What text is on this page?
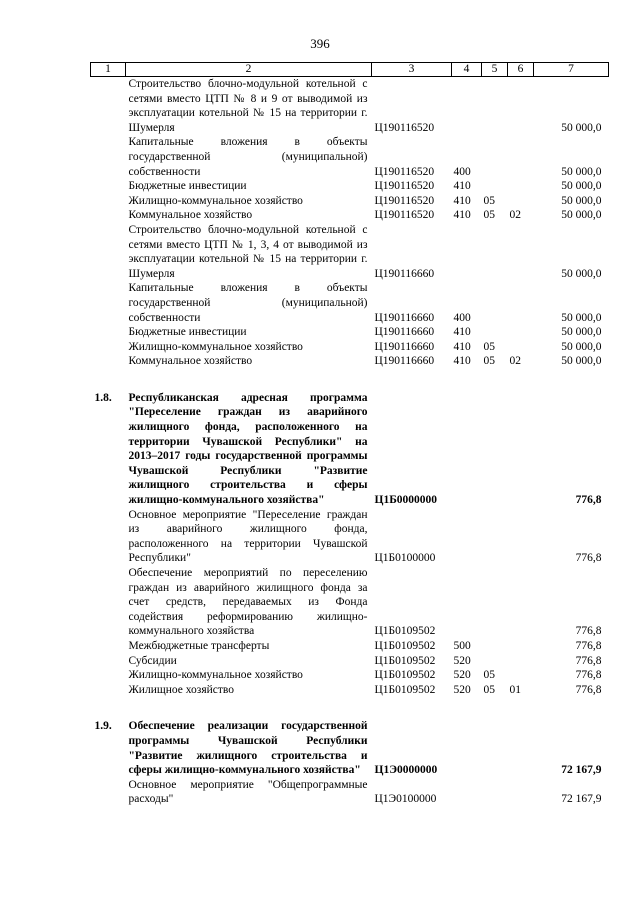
396
1	2	3	4	5	6	7
	Строительство блочно-модульной котельной с сетями вместо ЦТП № 8 и 9 от выводимой из эксплуатации котельной № 15 на территории г. Шумерля	Ц190116520				50 000,0
	Капитальные вложения в объекты государственной (муниципальной) собственности	Ц190116520	400			50 000,0
	Бюджетные инвестиции	Ц190116520	410			50 000,0
	Жилищно-коммунальное хозяйство	Ц190116520	410	05		50 000,0
	Коммунальное хозяйство	Ц190116520	410	05	02	50 000,0
	Строительство блочно-модульной котельной с сетями вместо ЦТП № 1, 3, 4 от выводимой из эксплуатации котельной № 15 на территории г. Шумерля	Ц190116660				50 000,0
	Капитальные вложения в объекты государственной (муниципальной) собственности	Ц190116660	400			50 000,0
	Бюджетные инвестиции	Ц190116660	410			50 000,0
	Жилищно-коммунальное хозяйство	Ц190116660	410	05		50 000,0
	Коммунальное хозяйство	Ц190116660	410	05	02	50 000,0

1.8.	Республиканская адресная программа "Переселение граждан из аварийного жилищного фонда, расположенного на территории Чувашской Республики" на 2013–2017 годы государственной программы Чувашской Республики "Развитие жилищного строительства и сферы жилищно-коммунального хозяйства"	Ц1Б0000000				776,8
	Основное мероприятие "Переселение граждан из аварийного жилищного фонда, расположенного на территории Чувашской Республики"	Ц1Б0100000				776,8
	Обеспечение мероприятий по переселению граждан из аварийного жилищного фонда за счет средств, передаваемых из Фонда содействия реформированию жилищно-коммунального хозяйства	Ц1Б0109502				776,8
	Межбюджетные трансферты	Ц1Б0109502	500			776,8
	Субсидии	Ц1Б0109502	520			776,8
	Жилищно-коммунальное хозяйство	Ц1Б0109502	520	05		776,8
	Жилищное хозяйство	Ц1Б0109502	520	05	01	776,8

1.9.	Обеспечение реализации государственной программы Чувашской Республики "Развитие жилищного строительства и сферы жилищно-коммунального хозяйства"	Ц1Э0000000				72 167,9
	Основное мероприятие "Общепрограммные расходы"	Ц1Э0100000				72 167,9
